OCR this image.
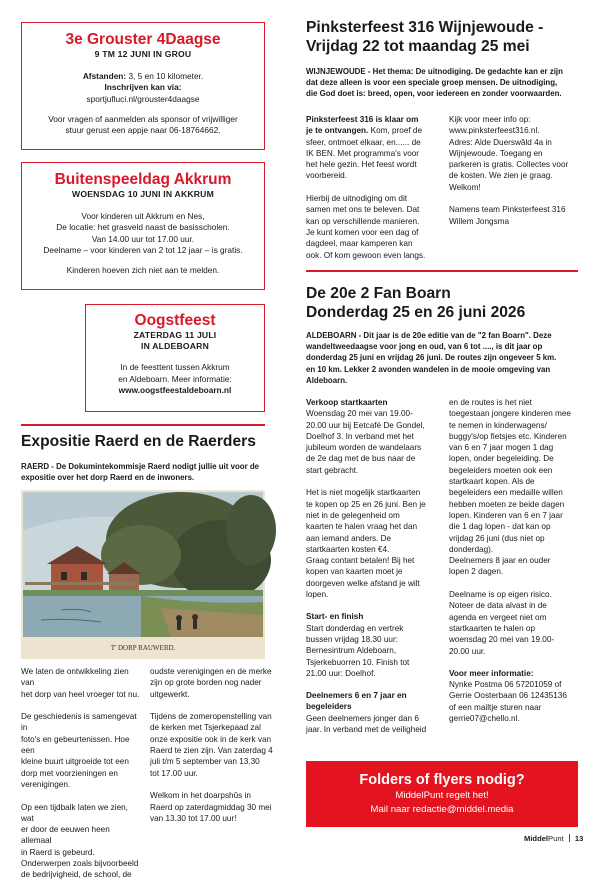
3e Grouster 4Daagse
9 TM 12 JUNI IN GROU
Afstanden: 3, 5 en 10 kilometer.
Inschrijven kan via:
sportjufluci.nl/grouster4daagse
Voor vragen of aanmelden als sponsor of vrijwilliger
stuur gerust een appje naar 06-18764662.
Buitenspeeldag Akkrum
WOENSDAG 10 JUNI IN AKKRUM
Voor kinderen uit Akkrum en Nes,
De locatie: het grasveld naast de basisscholen.
Van 14.00 uur tot 17.00 uur.
Deelname – voor kinderen van 2 tot 12 jaar – is gratis.
Kinderen hoeven zich niet aan te melden.
Oogstfeest
ZATERDAG 11 JULI
IN ALDEBOARN
In de feesttent tussen Akkrum
en Aldeboarn. Meer informatie:
www.oogstfeestaldeboarn.nl
Expositie Raerd en de Raerders
RAERD - De Dokumintekommisje Raerd nodigt jullie uit voor de
expositie over het dorp Raerd en de inwoners.
T' DORP RAUWERD.
We laten de ontwikkeling zien van
het dorp van heel vroeger tot nu.

De geschiedenis is samengevat in
foto's en gebeurtenissen. Hoe een
kleine buurt uitgroeide tot een
dorp met voorzieningen en
verenigingen.

Op een tijdbalk laten we zien, wat
er door de eeuwen heen allemaal
in Raerd is gebeurd.
Onderwerpen zoals bijvoorbeeld
de bedrijvigheid, de school, de
oudste verenigingen en de merke
zijn op grote borden nog nader
uitgewerkt.

Tijdens de zomeropenstelling van
de kerken met Tsjerkepaad zal
onze expositie ook in de kerk van
Raerd te zien zijn. Van zaterdag 4
juli t/m 5 september van 13.30
tot 17.00 uur.

Welkom in het doarpshûs in
Raerd op zaterdagmiddag 30 mei
van 13.30 tot 17.00 uur!
Pinksterfeest 316 Wijnjewoude -
Vrijdag 22 tot maandag 25 mei
WIJNJEWOUDE - Het thema: De uitnodiging. De gedachte kan er zijn
dat deze alleen is voor een speciale groep mensen. De uitnodiging,
die God doet is: breed, open, voor iedereen en zonder voorwaarden.
Pinksterfeest 316 is klaar om
je te ontvangen. Kom, proef de
sfeer, ontmoet elkaar, en...... de
IK BEN. Met programma's voor
het hele gezin. Het feest wordt
voorbereid.

Hierbij de uitnodiging om dit
samen met ons te beleven. Dat
kan op verschillende manieren.
Je kunt komen voor een dag of
dagdeel, maar kamperen kan
ook. Of kom gewoon even langs.
Kijk voor meer info op:
www.pinksterfeest316.nl.
Adres: Alde Duerswâld 4a in
Wijnjewoude. Toegang en
parkeren is gratis. Collectes voor
de kosten. We zien je graag.
Welkom!

Namens team Pinksterfeest 316
Willem Jongsma
De 20e 2 Fan Boarn
Donderdag 25 en 26 juni 2026
ALDEBOARN - Dit jaar is de 20e editie van de "2 fan Boarn". Deze
wandeltweedaagse voor jong en oud, van 6 tot ...., is dit jaar op
donderdag 25 juni en vrijdag 26 juni. De routes zijn ongeveer 5 km.
en 10 km. Lekker 2 avonden wandelen in de mooie omgeving van
Aldeboarn.
Verkoop startkaarten
Woensdag 20 mei van 19.00-
20.00 uur bij Eetcafé De Gondel,
Doelhof 3. In verband met het
jubileum worden de wandelaars
de 2e dag met de bus naar de
start gebracht.

Het is niet mogelijk startkaarten
te kopen op 25 en 26 juni. Ben je
niet in de gelegenheid om
kaarten te halen vraag het dan
aan iemand anders. De
startkaarten kosten €4.
Graag contant betalen! Bij het
kopen van kaarten moet je
doorgeven welke afstand je wilt
lopen.
Start- en finish
Start donderdag en vertrek
bussen vrijdag 18.30 uur:
Bernesintrum Aldeboarn,
Tsjerkebuorren 10. Finish tot
21.00 uur: Doelhof.
Deelnemers 6 en 7 jaar en
begeleiders
Geen deelnemers jonger dan 6
jaar. In verband met de veiligheid
en de routes is het niet
toegestaan jongere kinderen mee
te nemen in kinderwagens/
buggy's/op fietsjes etc. Kinderen
van 6 en 7 jaar mogen 1 dag
lopen, onder begeleiding. De
begeleiders moeten ook een
startkaart kopen. Als de
begeleiders een medaille willen
hebben moeten ze beide dagen
lopen. Kinderen van 6 en 7 jaar
die 1 dag lopen - dat kan op
vrijdag 26 juni (dus niet op
donderdag).
Deelnemers 8 jaar en ouder
lopen 2 dagen.

Deelname is op eigen risico.
Noteer de data alvast in de
agenda en vergeet niet om
startkaarten te halen op
woensdag 20 mei van 19.00-
20.00 uur.
Voor meer informatie:
Nynke Postma 06 57201059 of
Gerrie Oosterbaan 06 12435136
of een mailtje sturen naar
gerrie07@chello.nl.
Folders of flyers nodig?
MiddelPunt regelt het!
Mail naar redactie@middel.media
MiddelPunt 13
